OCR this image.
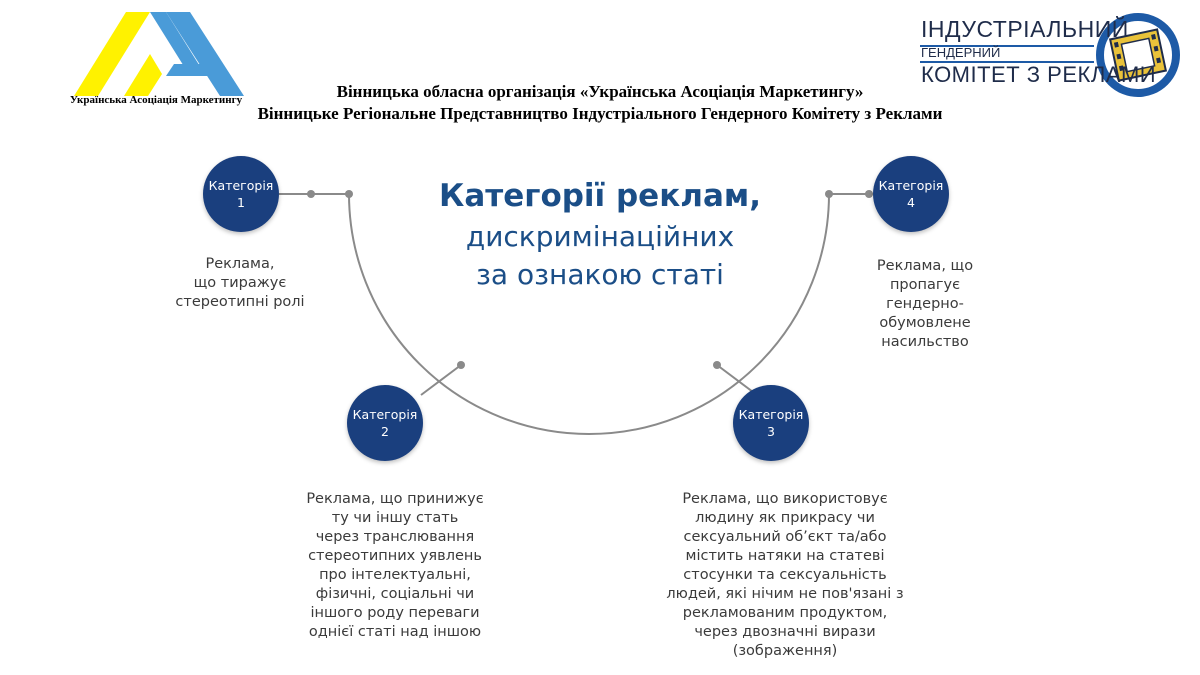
Українська Асоціація Маркетингу
ІНДУСТРІАЛЬНИЙ
ГЕНДЕРНИЙ
КОМІТЕТ З РЕКЛАМИ
Вінницька обласна організація «Українська Асоціація Маркетингу»
Вінницьке Регіональне Представництво Індустріального Гендерного Комітету з Реклами
Категорії реклам,
дискримінаційних
за ознакою статі
Категорія
1
Категорія
4
Категорія
2
Категорія
3
Реклама,
що тиражує
стереотипні ролі
Реклама, що
пропагує
гендерно-
обумовлене
насильство
Реклама, що принижує
ту чи іншу стать
через транслювання
стереотипних уявлень
про інтелектуальні,
фізичні, соціальні чи
іншого роду переваги
однієї статі над іншою
Реклама, що використовує
людину як прикрасу чи
сексуальний об’єкт та/або
містить натяки на статеві
стосунки та сексуальність
людей, які нічим не пов'язані з
рекламованим продуктом,
через двозначні вирази
(зображення)
